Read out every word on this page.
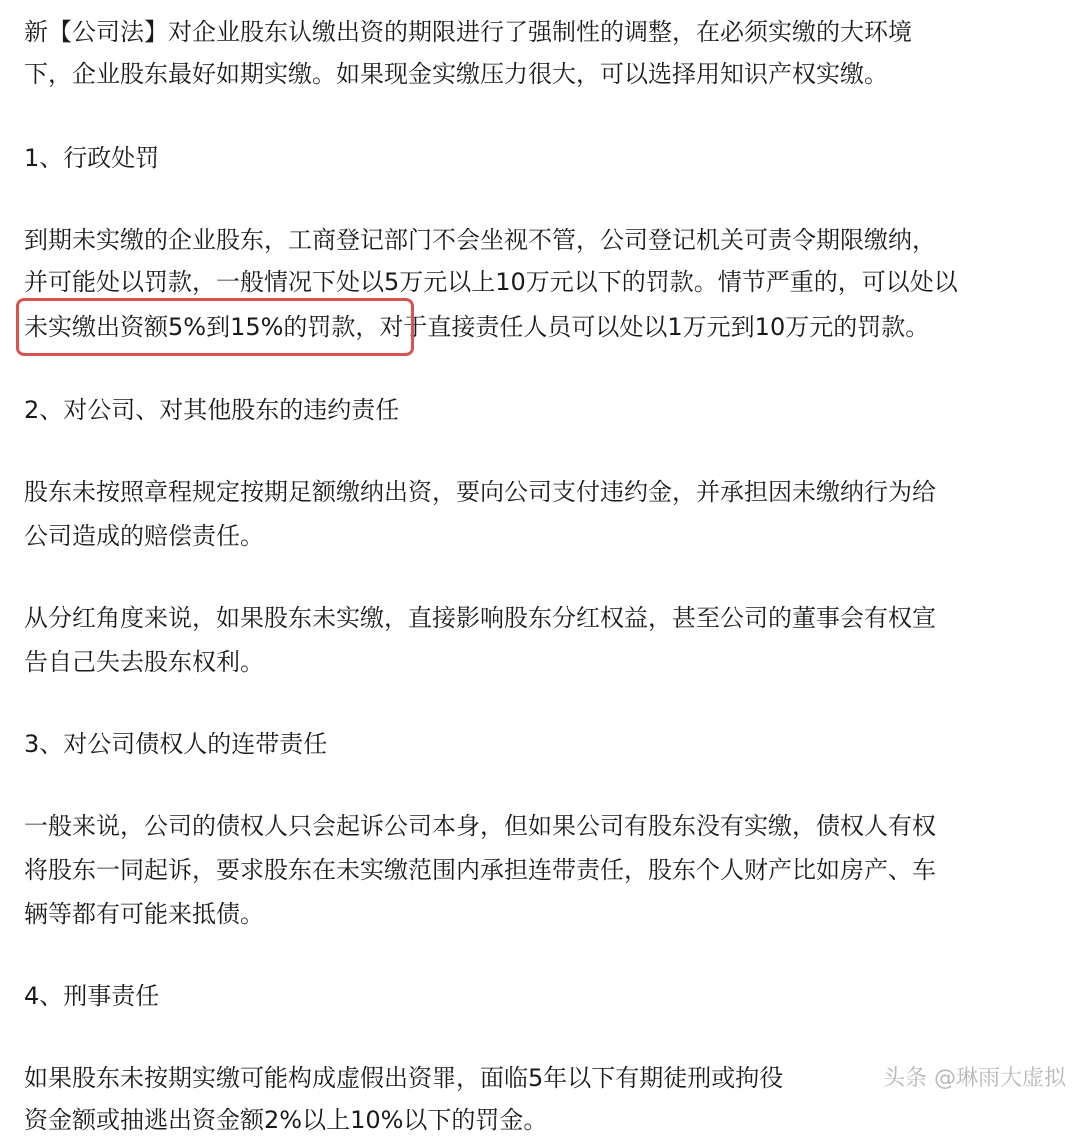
新【公司法】对企业股东认缴出资的期限进行了强制性的调整，在必须实缴的大环境
下，企业股东最好如期实缴。如果现金实缴压力很大，可以选择用知识产权实缴。
1、行政处罚
到期未实缴的企业股东，工商登记部门不会坐视不管，公司登记机关可责令期限缴纳，
并可能处以罚款，一般情况下处以5万元以上10万元以下的罚款。情节严重的，可以处以
未实缴出资额5%到15%的罚款，对于直接责任人员可以处以1万元到10万元的罚款。
2、对公司、对其他股东的违约责任
股东未按照章程规定按期足额缴纳出资，要向公司支付违约金，并承担因未缴纳行为给
公司造成的赔偿责任。
从分红角度来说，如果股东未实缴，直接影响股东分红权益，甚至公司的董事会有权宣
告自己失去股东权利。
3、对公司债权人的连带责任
一般来说，公司的债权人只会起诉公司本身，但如果公司有股东没有实缴，债权人有权
将股东一同起诉，要求股东在未实缴范围内承担连带责任，股东个人财产比如房产、车
辆等都有可能来抵债。
4、刑事责任
如果股东未按期实缴可能构成虚假出资罪，面临5年以下有期徒刑或拘役
资金额或抽逃出资金额2%以上10%以下的罚金。
头条 @琳雨大虚拟
